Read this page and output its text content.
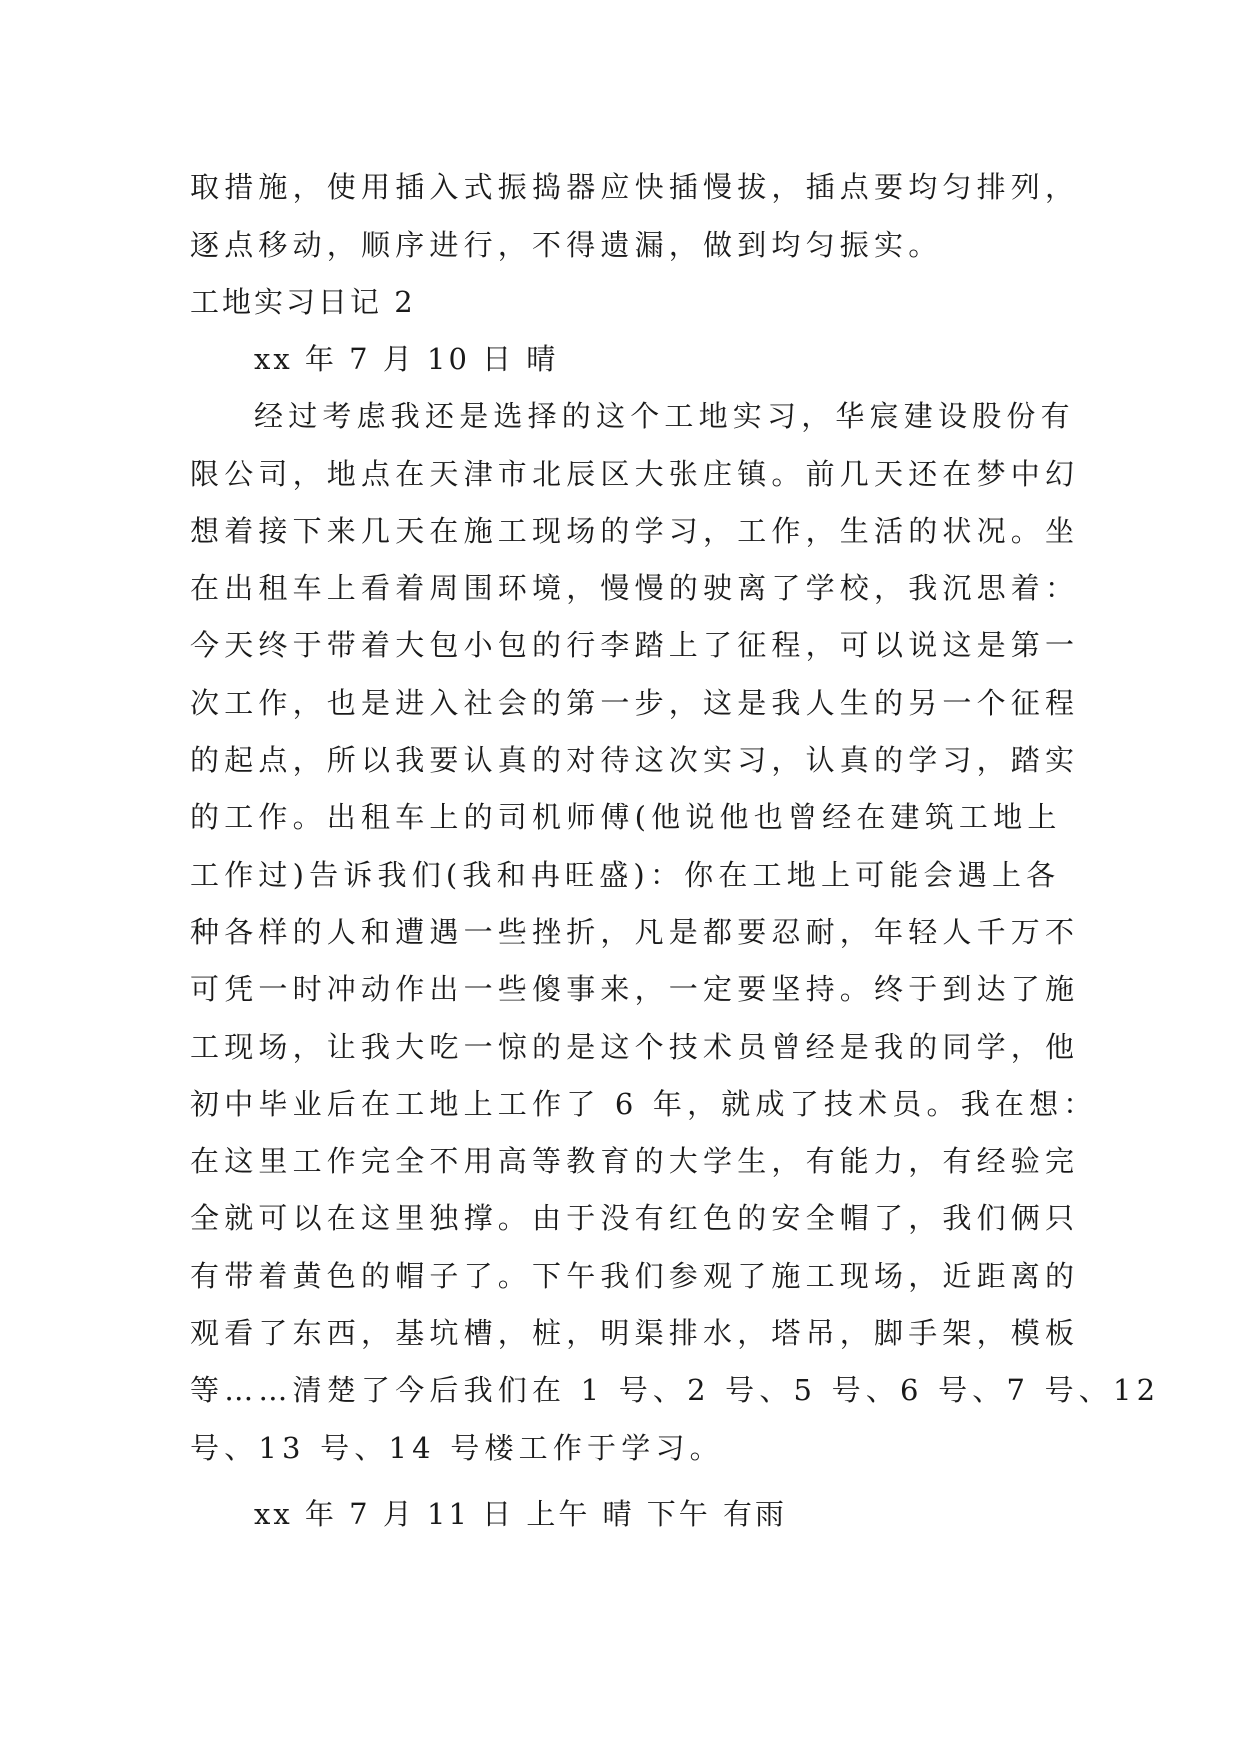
取措施，使用插入式振捣器应快插慢拔，插点要均匀排列，
逐点移动，顺序进行，不得遗漏，做到均匀振实。
工地实习日记 2
xx 年 7 月 10 日 晴
经过考虑我还是选择的这个工地实习，华宸建设股份有
限公司，地点在天津市北辰区大张庄镇。前几天还在梦中幻
想着接下来几天在施工现场的学习，工作，生活的状况。坐
在出租车上看着周围环境，慢慢的驶离了学校，我沉思着：
今天终于带着大包小包的行李踏上了征程，可以说这是第一
次工作，也是进入社会的第一步，这是我人生的另一个征程
的起点，所以我要认真的对待这次实习，认真的学习，踏实
的工作。出租车上的司机师傅(他说他也曾经在建筑工地上
工作过)告诉我们(我和冉旺盛)：你在工地上可能会遇上各
种各样的人和遭遇一些挫折，凡是都要忍耐，年轻人千万不
可凭一时冲动作出一些傻事来，一定要坚持。终于到达了施
工现场，让我大吃一惊的是这个技术员曾经是我的同学，他
初中毕业后在工地上工作了 6 年，就成了技术员。我在想：
在这里工作完全不用高等教育的大学生，有能力，有经验完
全就可以在这里独撑。由于没有红色的安全帽了，我们俩只
有带着黄色的帽子了。下午我们参观了施工现场，近距离的
观看了东西，基坑槽，桩，明渠排水，塔吊，脚手架，模板
等……清楚了今后我们在 1 号、2 号、5 号、6 号、7 号、12
号、13 号、14 号楼工作于学习。
xx 年 7 月 11 日 上午 晴 下午 有雨
